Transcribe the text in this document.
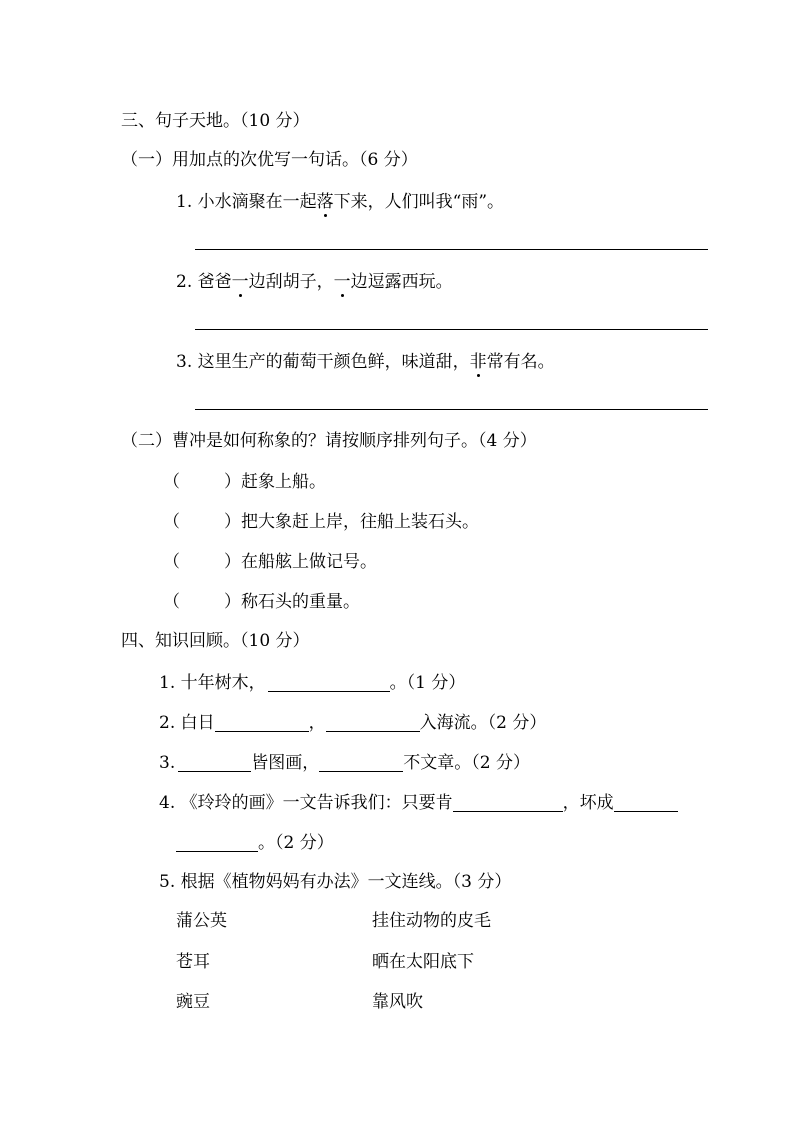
三、句子天地。（10 分）
（一）用加点的次优写一句话。（6 分）
1. 小水滴聚在一起落下来，人们叫我“雨”。
2. 爸爸一边刮胡子，一边逗露西玩。
3. 这里生产的葡萄干颜色鲜，味道甜，非常有名。
（二）曹冲是如何称象的？请按顺序排列句子。（4 分）
（	）赶象上船。
（	）把大象赶上岸，往船上装石头。
（	）在船舷上做记号。
（	）称石头的重量。
四、知识回顾。（10 分）
1. 十年树木，	。（1 分）
2. 白日	，	入海流。（2 分）
3.	皆图画，	不文章。（2 分）
4. 《玲玲的画》一文告诉我们：只要肯	，坏成
。（2 分）
5. 根据《植物妈妈有办法》一文连线。（3 分）
蒲公英	挂住动物的皮毛
苍耳	晒在太阳底下
豌豆	靠风吹
